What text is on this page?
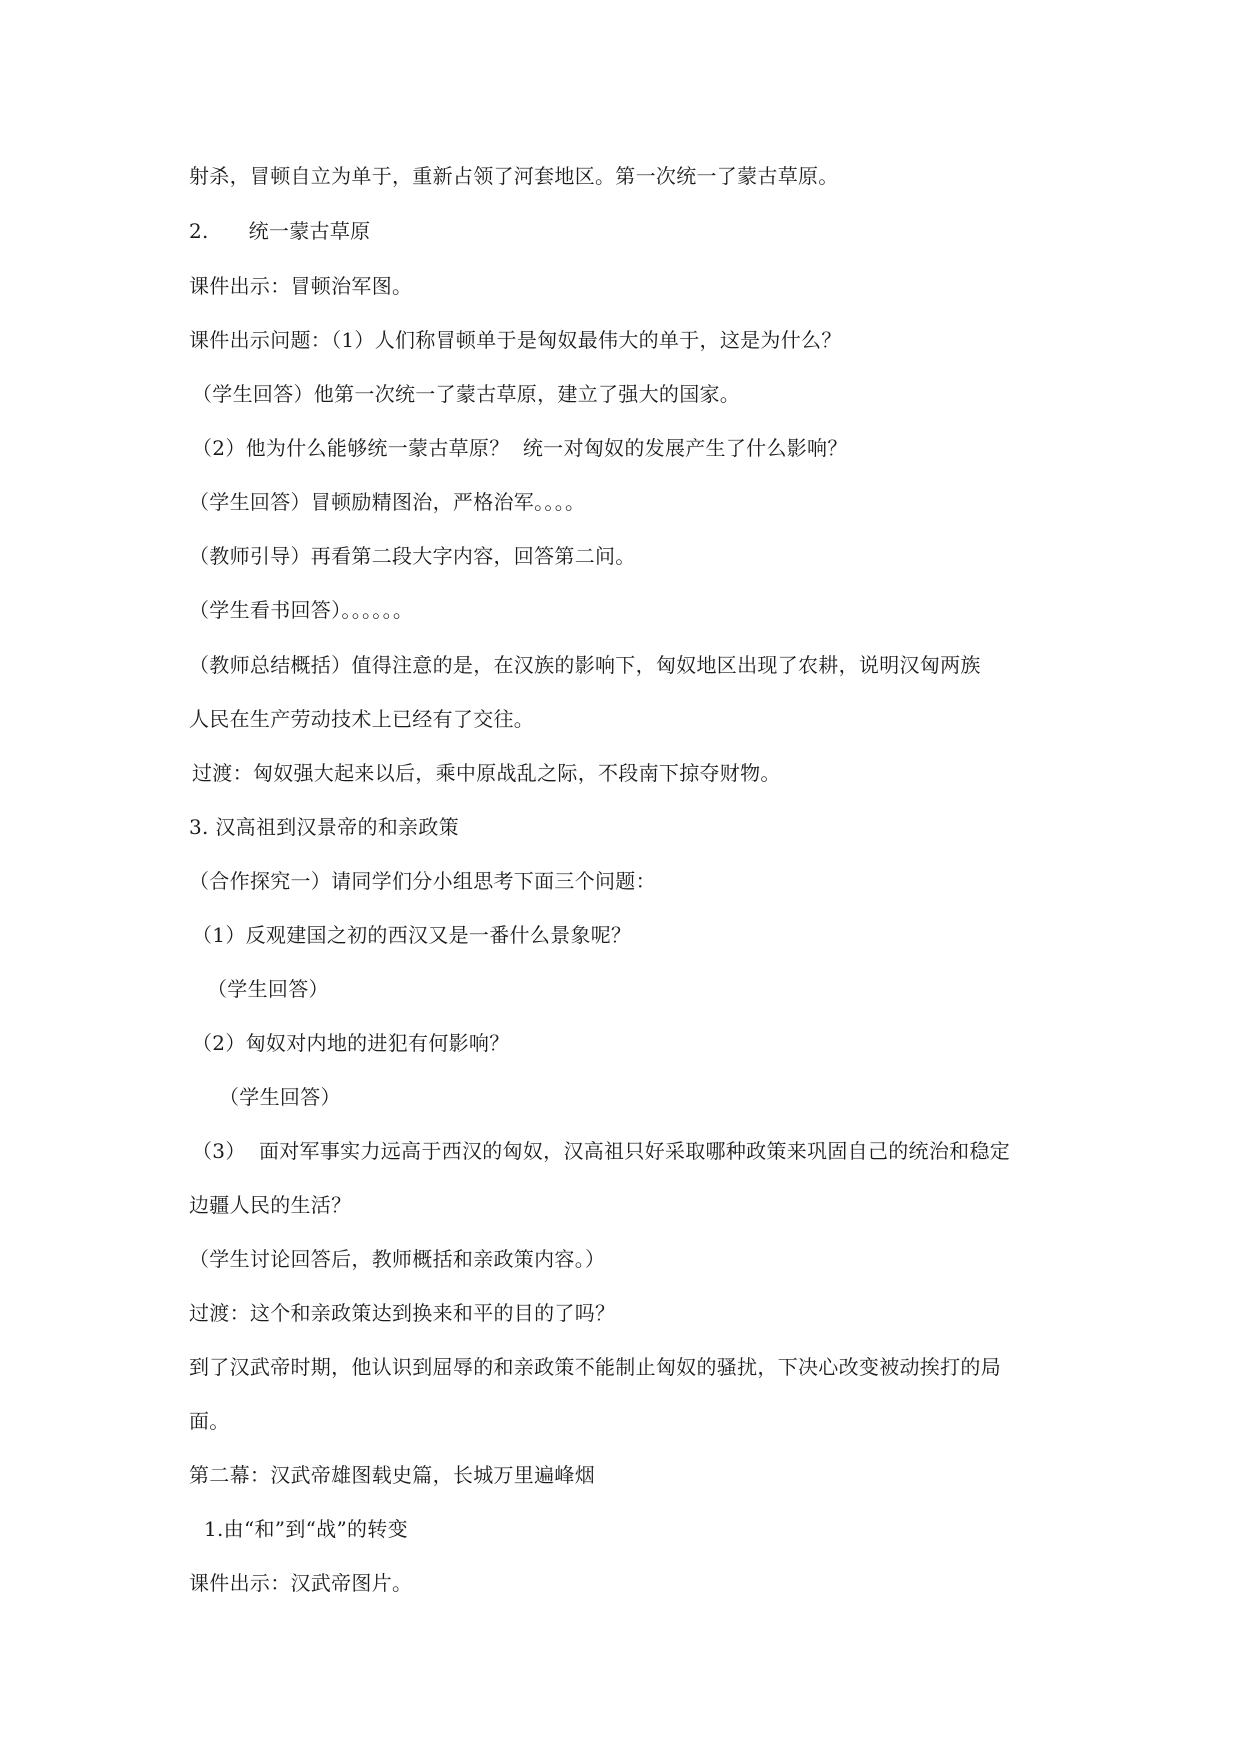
射杀，冒顿自立为单于，重新占领了河套地区。第一次统一了蒙古草原。
2.      统一蒙古草原
课件出示：冒顿治军图。
课件出示问题：（1）人们称冒顿单于是匈奴最伟大的单于，这是为什么？
（学生回答）他第一次统一了蒙古草原，建立了强大的国家。
（2）他为什么能够统一蒙古草原？  统一对匈奴的发展产生了什么影响？
（学生回答）冒顿励精图治，严格治军。。。。
（教师引导）再看第二段大字内容，回答第二问。
（学生看书回答）。。。。。。
（教师总结概括）值得注意的是，在汉族的影响下，匈奴地区出现了农耕，说明汉匈两族
人民在生产劳动技术上已经有了交往。
过渡：匈奴强大起来以后，乘中原战乱之际，不段南下掠夺财物。
3. 汉高祖到汉景帝的和亲政策
（合作探究一）请同学们分小组思考下面三个问题：
（1）反观建国之初的西汉又是一番什么景象呢？
（学生回答）
（2）匈奴对内地的进犯有何影响？
（学生回答）
（3）  面对军事实力远高于西汉的匈奴，汉高祖只好采取哪种政策来巩固自己的统治和稳定
边疆人民的生活？
（学生讨论回答后，教师概括和亲政策内容。）
过渡：这个和亲政策达到换来和平的目的了吗？
到了汉武帝时期，他认识到屈辱的和亲政策不能制止匈奴的骚扰，下决心改变被动挨打的局
面。
第二幕：汉武帝雄图载史篇，长城万里遍峰烟
1.由“和”到“战”的转变
课件出示：汉武帝图片。
